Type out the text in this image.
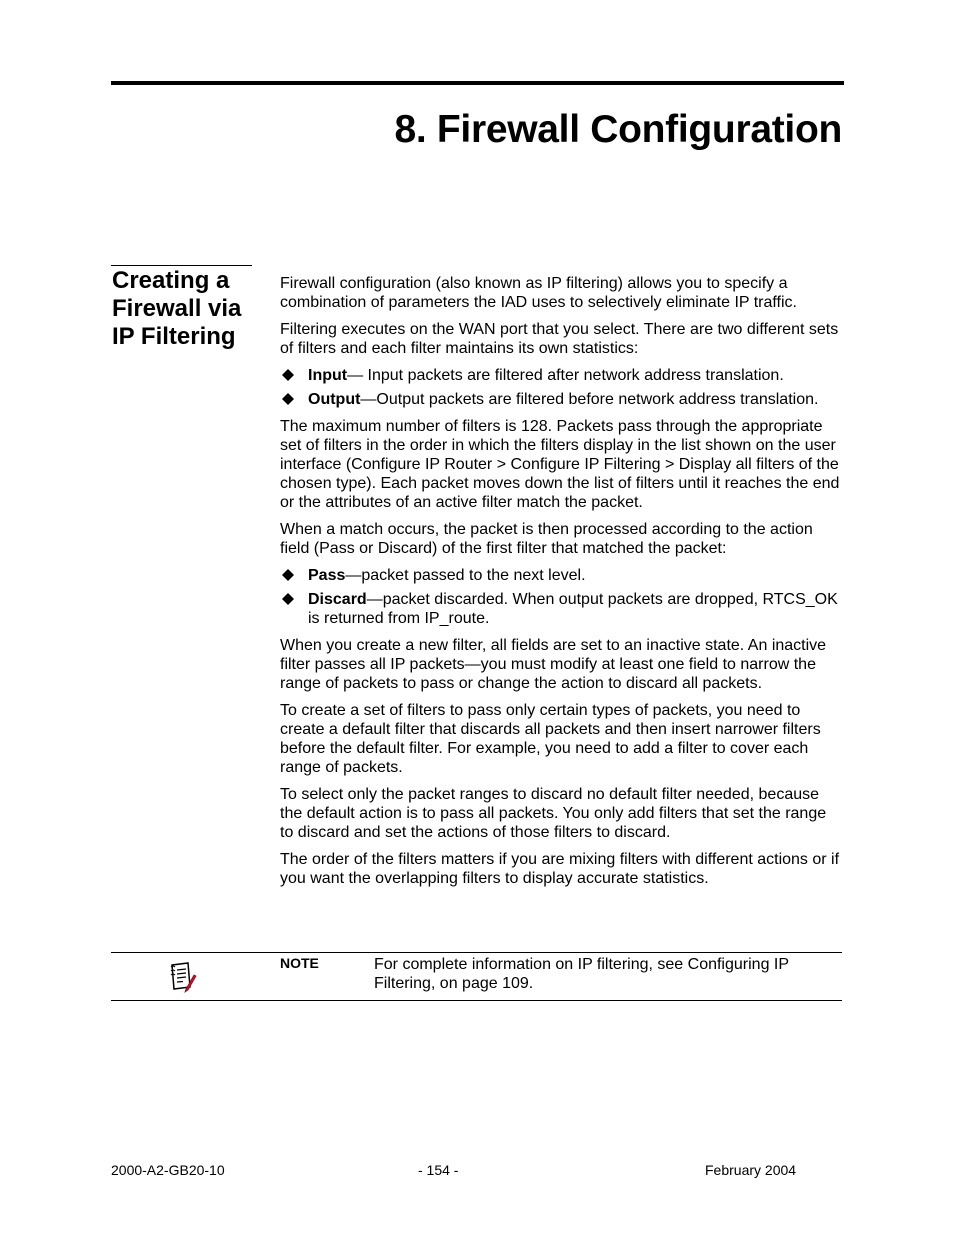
8. Firewall Configuration
Creating a Firewall via IP Filtering

Firewall configuration (also known as IP filtering) allows you to specify a combination of parameters the IAD uses to selectively eliminate IP traffic.

Filtering executes on the WAN port that you select. There are two different sets of filters and each filter maintains its own statistics:

Input— Input packets are filtered after network address translation.
Output—Output packets are filtered before network address translation.

The maximum number of filters is 128. Packets pass through the appropriate set of filters in the order in which the filters display in the list shown on the user interface (Configure IP Router > Configure IP Filtering > Display all filters of the chosen type). Each packet moves down the list of filters until it reaches the end or the attributes of an active filter match the packet.

When a match occurs, the packet is then processed according to the action field (Pass or Discard) of the first filter that matched the packet:

Pass—packet passed to the next level.
Discard—packet discarded. When output packets are dropped, RTCS_OK is returned from IP_route.

When you create a new filter, all fields are set to an inactive state. An inactive filter passes all IP packets—you must modify at least one field to narrow the range of packets to pass or change the action to discard all packets.

To create a set of filters to pass only certain types of packets, you need to create a default filter that discards all packets and then insert narrower filters before the default filter. For example, you need to add a filter to cover each range of packets.

To select only the packet ranges to discard no default filter needed, because the default action is to pass all packets. You only add filters that set the range to discard and set the actions of those filters to discard.

The order of the filters matters if you are mixing filters with different actions or if you want the overlapping filters to display accurate statistics.

NOTE	For complete information on IP filtering, see Configuring IP Filtering, on page 109.
2000-A2-GB20-10	- 154 -	February 2004
